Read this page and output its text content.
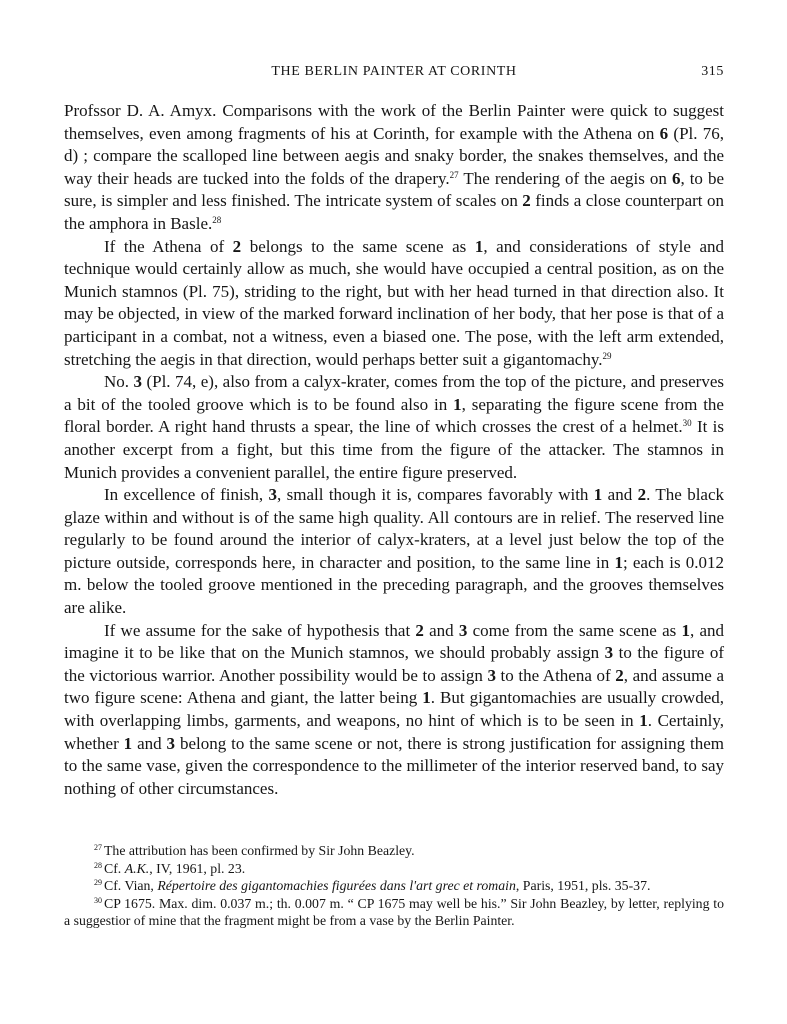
THE BERLIN PAINTER AT CORINTH	315

Profssor D. A. Amyx. Comparisons with the work of the Berlin Painter were quick to suggest themselves, even among fragments of his at Corinth, for example with the Athena on 6 (Pl. 76, d) ; compare the scalloped line between aegis and snaky border, the snakes themselves, and the way their heads are tucked into the folds of the drapery.$^{27}$ The rendering of the aegis on 6, to be sure, is simpler and less finished. The intricate system of scales on 2 finds a close counterpart on the amphora in Basle.$^{28}$

If the Athena of 2 belongs to the same scene as 1, and considerations of style and technique would certainly allow as much, she would have occupied a central position, as on the Munich stamnos (Pl. 75), striding to the right, but with her head turned in that direction also. It may be objected, in view of the marked forward inclination of her body, that her pose is that of a participant in a combat, not a witness, even a biased one. The pose, with the left arm extended, stretching the aegis in that direction, would perhaps better suit a gigantomachy.$^{29}$

No. 3 (Pl. 74, e), also from a calyx-krater, comes from the top of the picture, and preserves a bit of the tooled groove which is to be found also in 1, separating the figure scene from the floral border. A right hand thrusts a spear, the line of which crosses the crest of a helmet.$^{30}$ It is another excerpt from a fight, but this time from the figure of the attacker. The stamnos in Munich provides a convenient parallel, the entire figure preserved.

In excellence of finish, 3, small though it is, compares favorably with 1 and 2. The black glaze within and without is of the same high quality. All contours are in relief. The reserved line regularly to be found around the interior of calyx-kraters, at a level just below the top of the picture outside, corresponds here, in character and position, to the same line in 1; each is 0.012 m. below the tooled groove mentioned in the preceding paragraph, and the grooves themselves are alike.

If we assume for the sake of hypothesis that 2 and 3 come from the same scene as 1, and imagine it to be like that on the Munich stamnos, we should probably assign 3 to the figure of the victorious warrior. Another possibility would be to assign 3 to the Athena of 2, and assume a two figure scene: Athena and giant, the latter being 1. But gigantomachies are usually crowded, with overlapping limbs, garments, and weapons, no hint of which is to be seen in 1. Certainly, whether 1 and 3 belong to the same scene or not, there is strong justification for assigning them to the same vase, given the correspondence to the millimeter of the interior reserved band, to say nothing of other circumstances.

$^{27}$ The attribution has been confirmed by Sir John Beazley.

$^{28}$ Cf. A.K., IV, 1961, pl. 23.

$^{29}$ Cf. Vian, Répertoire des gigantomachies figurées dans l'art grec et romain, Paris, 1951, pls. 35-37.

$^{30}$ CP 1675. Max. dim. 0.037 m.; th. 0.007 m. “ CP 1675 may well be his.” Sir John Beazley, by letter, replying to a suggestior of mine that the fragment might be from a vase by the Berlin Painter.
